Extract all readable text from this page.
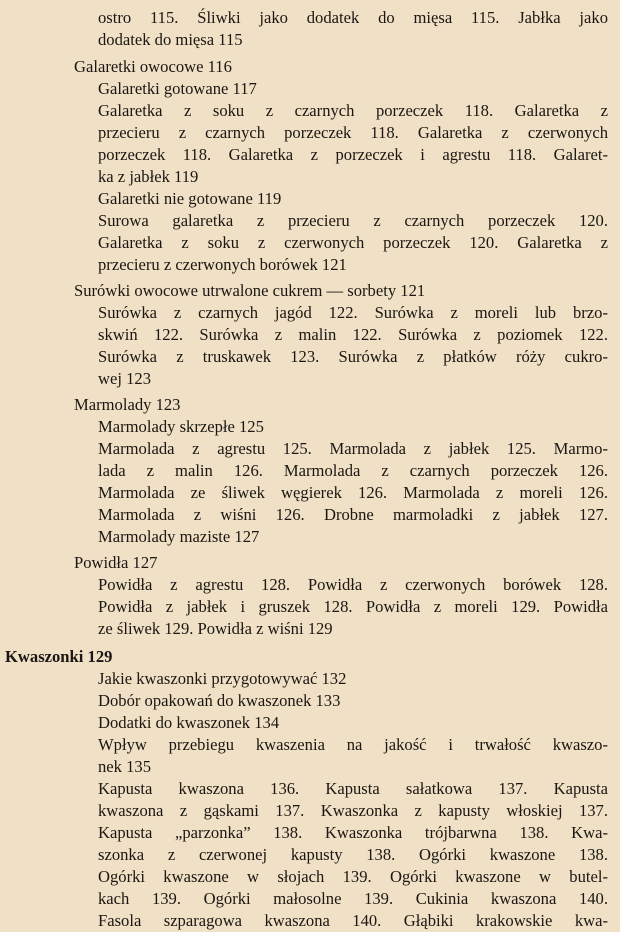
ostro 115. Śliwki jako dodatek do mięsa 115. Jabłka jako
dodatek do mięsa 115
Galaretki owocowe 116
Galaretki gotowane 117
Galaretka z soku z czarnych porzeczek 118. Galaretka z
przecieru z czarnych porzeczek 118. Galaretka z czerwonych
porzeczek 118. Galaretka z porzeczek i agrestu 118. Galaret-
ka z jabłek 119
Galaretki nie gotowane 119
Surowa galaretka z przecieru z czarnych porzeczek 120.
Galaretka z soku z czerwonych porzeczek 120. Galaretka z
przecieru z czerwonych borówek 121
Surówki owocowe utrwalone cukrem — sorbety 121
Surówka z czarnych jagód 122. Surówka z moreli lub brzo-
skwiń 122. Surówka z malin 122. Surówka z poziomek 122.
Surówka z truskawek 123. Surówka z płatków róży cukro-
wej 123
Marmolady 123
Marmolady skrzepłe 125
Marmolada z agrestu 125. Marmolada z jabłek 125. Marmo-
lada z malin 126. Marmolada z czarnych porzeczek 126.
Marmolada ze śliwek węgierek 126. Marmolada z moreli 126.
Marmolada z wiśni 126. Drobne marmoladki z jabłek 127.
Marmolady maziste 127
Powidła 127
Powidła z agrestu 128. Powidła z czerwonych borówek 128.
Powidła z jabłek i gruszek 128. Powidła z moreli 129. Powidła
ze śliwek 129. Powidła z wiśni 129
Kwaszonki 129
Jakie kwaszonki przygotowywać 132
Dobór opakowań do kwaszonek 133
Dodatki do kwaszonek 134
Wpływ przebiegu kwaszenia na jakość i trwałość kwaszo-
nek 135
Kapusta kwaszona 136. Kapusta sałatkowa 137. Kapusta
kwaszona z gąskami 137. Kwaszonka z kapusty włoskiej 137.
Kapusta „parzonka” 138. Kwaszonka trójbarwna 138. Kwa-
szonka z czerwonej kapusty 138. Ogórki kwaszone 138.
Ogórki kwaszone w słojach 139. Ogórki kwaszone w butel-
kach 139. Ogórki małosolne 139. Cukinia kwaszona 140.
Fasola szparagowa kwaszona 140. Głąbiki krakowskie kwa-
